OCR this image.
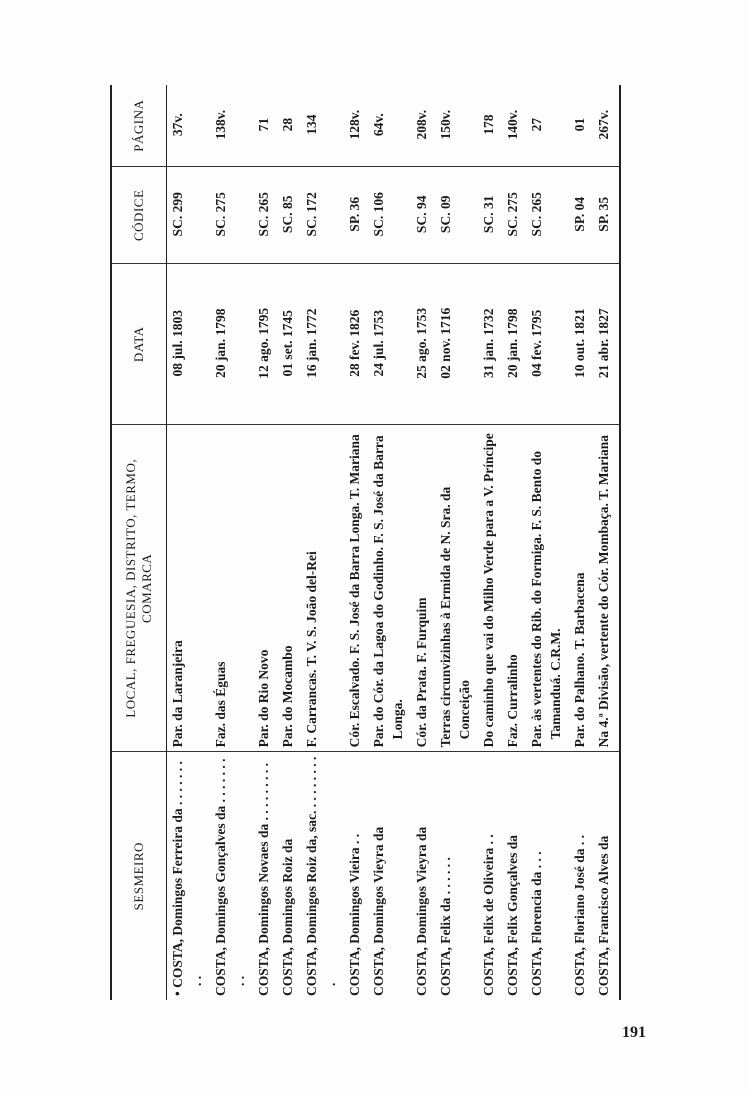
SESMEIRO	LOCAL, FREGUESIA, DISTRITO, TERMO, COMARCA	DATA	CÓDICE	PÁGINA
• COSTA, Domingos Ferreira da . . . . . . . . .	Par. da Laranjeira	08 jul. 1803	SC. 299	37v.
COSTA, Domingos Gonçalves da . . . . . . . . .	Faz. das Éguas	20 jan. 1798	SC. 275	138v.
COSTA, Domingos Novaes da . . . . . . . . .	Par. do Rio Novo	12 ago. 1795	SC. 265	71
COSTA, Domingos Roiz da	Par. do Mocambo	01 set. 1745	SC. 85	28
COSTA, Domingos Roiz da, sac. . . . . . . . . .	F. Carrancas. T. V. S. João del-Rei	16 jan. 1772	SC. 172	134
COSTA, Domingos Vieira . .	Cór. Escalvado. F. S. José da Barra Longa. T. Mariana	28 fev. 1826	SP. 36	128v.
COSTA, Domingos Vieyra da	Par. do Cór. da Lagoa do Godinho. F. S. José da Barra Longa.	24 jul. 1753	SC. 106	64v.
COSTA, Domingos Vieyra da	Cór. da Prata. F. Furquim	25 ago. 1753	SC. 94	208v.
COSTA, Felix da . . . . . .	Terras circunvizinhas à Ermida de N. Sra. da Conceição	02 nov. 1716	SC. 09	150v.
COSTA, Felix de Oliveira . .	Do caminho que vai do Milho Verde para a V. Príncipe	31 jan. 1732	SC. 31	178
COSTA, Felix Gonçalves da	Faz. Curralinho	20 jan. 1798	SC. 275	140v.
COSTA, Florencia da . . .	Par. às vertentes do Rib. do Formiga. F. S. Bento do Tamanduá. C.R.M.	04 fev. 1795	SC. 265	27
COSTA, Floriano José da . .	Par. do Palhano. T. Barbacena	10 out. 1821	SP. 04	01
COSTA, Francisco Alves da	Na 4.ª Divisão, vertente do Cór. Mombaça. T. Mariana	21 abr. 1827	SP. 35	267v.
191
